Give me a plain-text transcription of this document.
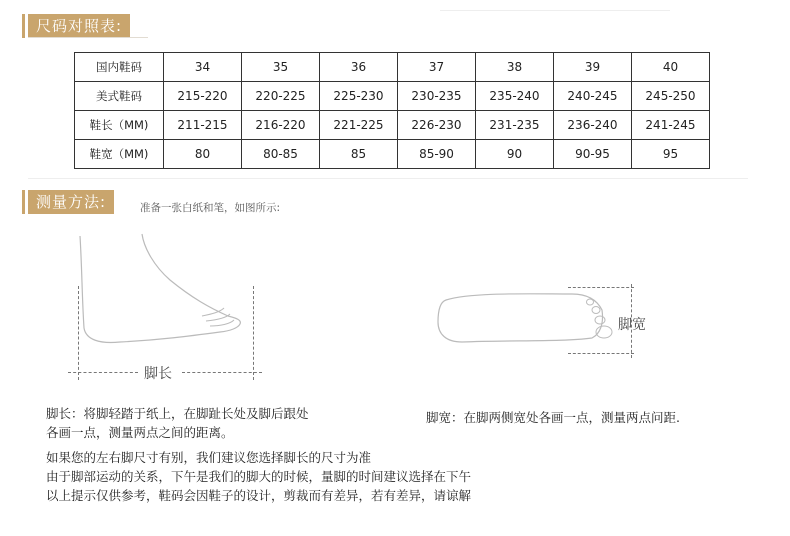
尺码对照表:
国内鞋码	34	35	36	37	38	39	40
美式鞋码	215-220	220-225	225-230	230-235	235-240	240-245	245-250
鞋长（MM)	211-215	216-220	221-225	226-230	231-235	236-240	241-245
鞋宽（MM)	80	80-85	85	85-90	90	90-95	95
测量方法:	准备一张白纸和笔，如图所示:
脚长
脚宽
脚长：将脚轻踏于纸上，在脚趾长处及脚后跟处
各画一点，测量两点之间的距离。
脚宽：在脚两侧宽处各画一点，测量两点问距.
如果您的左右脚尺寸有别，我们建议您选择脚长的尺寸为准
由于脚部运动的关系，下午是我们的脚大的时候，量脚的时间建议选择在下午
以上提示仅供参考，鞋码会因鞋子的设计，剪裁而有差异，若有差异，请谅解
